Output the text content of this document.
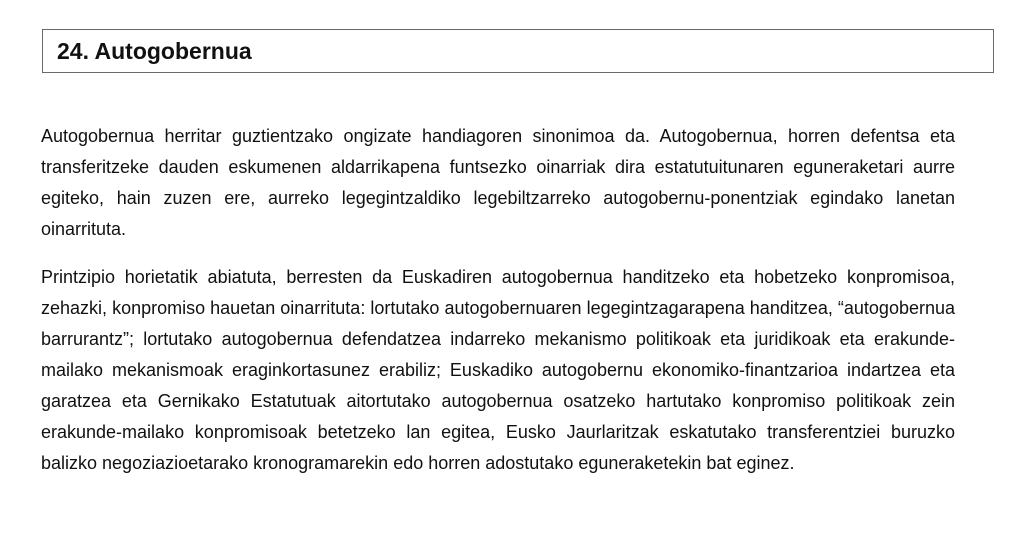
24. Autogobernua

Autogobernua herritar guztientzako ongizate handiagoren sinonimoa da. Autogobernua, horren defentsa eta transferitzeke dauden eskumenen aldarrikapena funtsezko oinarriak dira estatutuitunaren eguneraketari aurre egiteko, hain zuzen ere, aurreko legegintzaldiko legebiltzarreko autogobernu-ponentziak egindako lanetan oinarrituta.

Printzipio horietatik abiatuta, berresten da Euskadiren autogobernua handitzeko eta hobetzeko konpromisoa, zehazki, konpromiso hauetan oinarrituta: lortutako autogobernuaren legegintzagarapena handitzea, “autogobernua barrurantz”; lortutako autogobernua defendatzea indarreko mekanismo politikoak eta juridikoak eta erakunde-mailako mekanismoak eraginkortasunez erabiliz; Euskadiko autogobernu ekonomiko-finantzarioa indartzea eta garatzea eta Gernikako Estatutuak aitortutako autogobernua osatzeko hartutako konpromiso politikoak zein erakunde-mailako konpromisoak betetzeko lan egitea, Eusko Jaurlaritzak eskatutako transferentziei buruzko balizko negoziazioetarako kronogramarekin edo horren adostutako eguneraketekin bat eginez.
